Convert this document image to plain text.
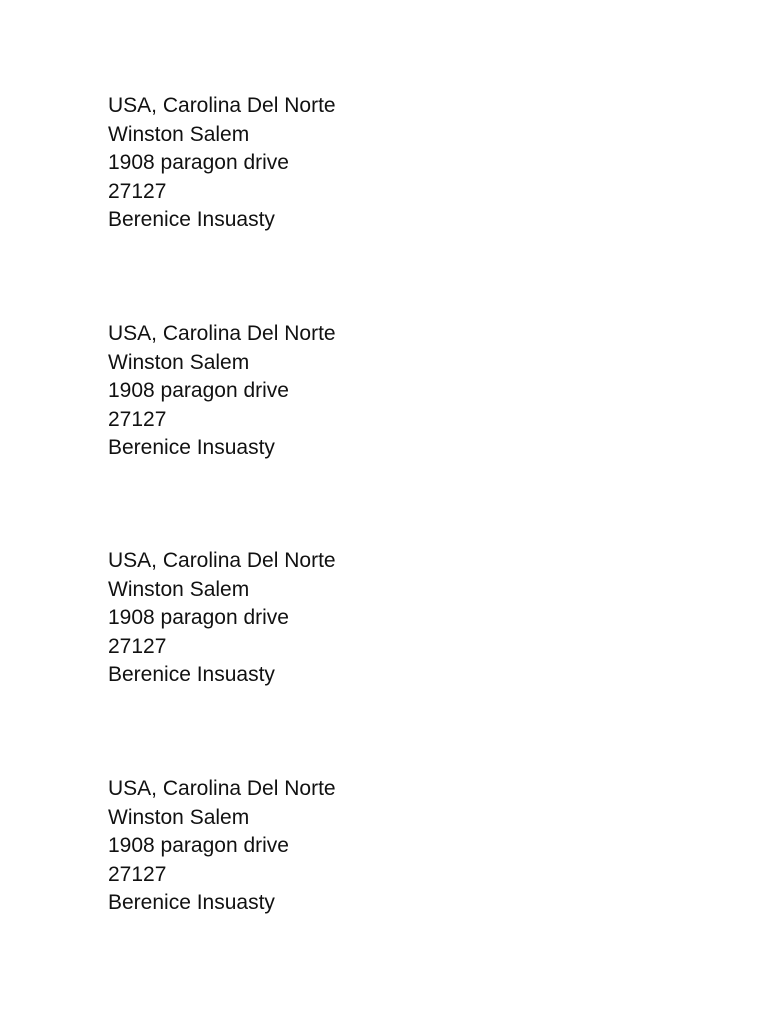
USA, Carolina Del Norte
Winston Salem
1908 paragon drive
27127
Berenice Insuasty
USA, Carolina Del Norte
Winston Salem
1908 paragon drive
27127
Berenice Insuasty
USA, Carolina Del Norte
Winston Salem
1908 paragon drive
27127
Berenice Insuasty
USA, Carolina Del Norte
Winston Salem
1908 paragon drive
27127
Berenice Insuasty
